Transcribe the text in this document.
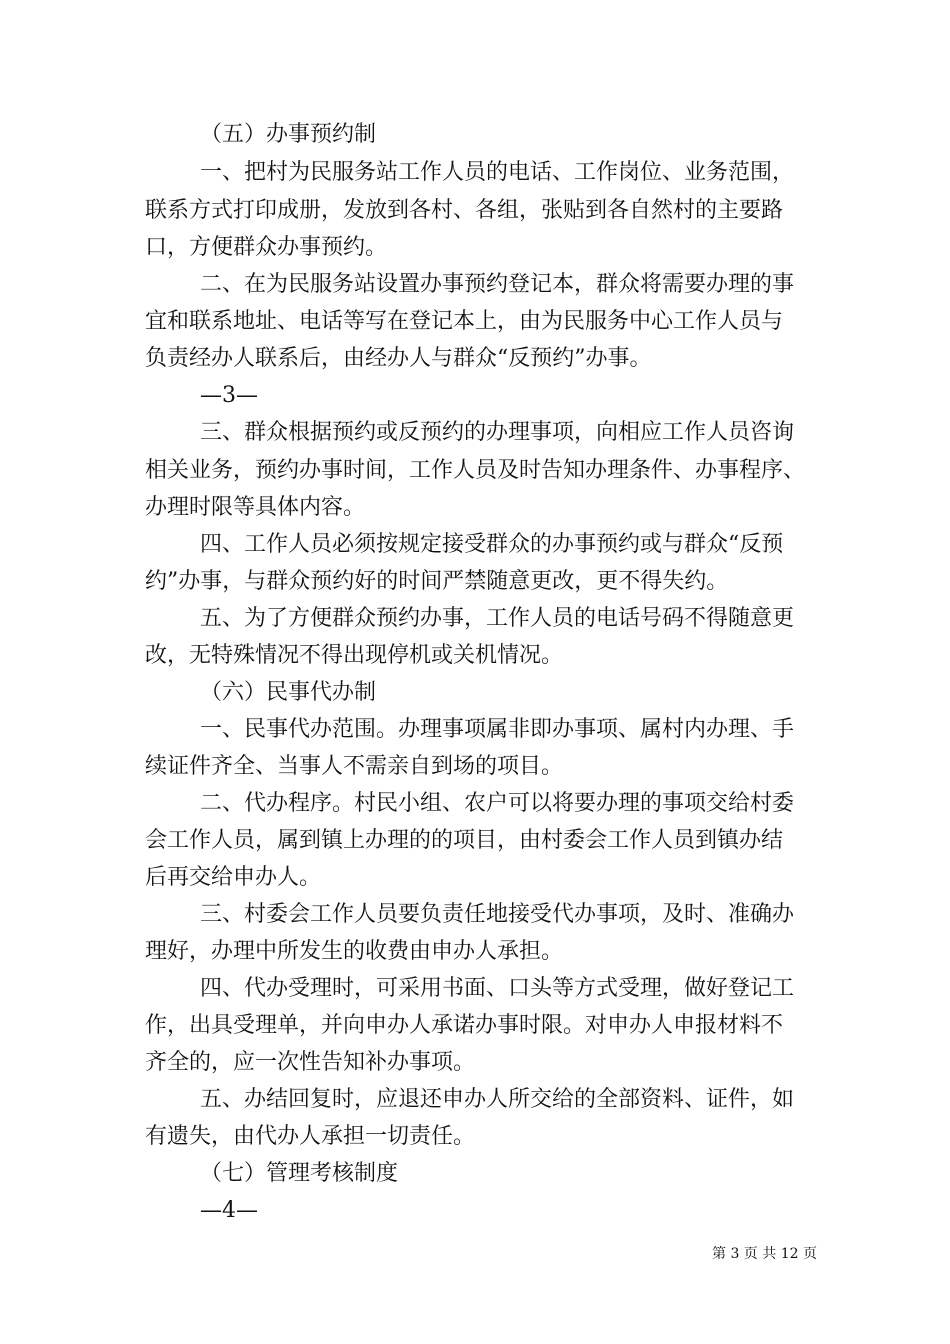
（五）办事预约制
一、把村为民服务站工作人员的电话、工作岗位、业务范围，
联系方式打印成册，发放到各村、各组，张贴到各自然村的主要路
口，方便群众办事预约。
二、在为民服务站设置办事预约登记本，群众将需要办理的事
宜和联系地址、电话等写在登记本上，由为民服务中心工作人员与
负责经办人联系后，由经办人与群众“反预约”办事。
—3—
三、群众根据预约或反预约的办理事项，向相应工作人员咨询
相关业务，预约办事时间，工作人员及时告知办理条件、办事程序、
办理时限等具体内容。
四、工作人员必须按规定接受群众的办事预约或与群众“反预
约”办事，与群众预约好的时间严禁随意更改，更不得失约。
五、为了方便群众预约办事，工作人员的电话号码不得随意更
改，无特殊情况不得出现停机或关机情况。
（六）民事代办制
一、民事代办范围。办理事项属非即办事项、属村内办理、手
续证件齐全、当事人不需亲自到场的项目。
二、代办程序。村民小组、农户可以将要办理的事项交给村委
会工作人员，属到镇上办理的的项目，由村委会工作人员到镇办结
后再交给申办人。
三、村委会工作人员要负责任地接受代办事项，及时、准确办
理好，办理中所发生的收费由申办人承担。
四、代办受理时，可采用书面、口头等方式受理，做好登记工
作，出具受理单，并向申办人承诺办事时限。对申办人申报材料不
齐全的，应一次性告知补办事项。
五、办结回复时，应退还申办人所交给的全部资料、证件，如
有遗失，由代办人承担一切责任。
（七）管理考核制度
—4—
第 3 页 共 12 页
